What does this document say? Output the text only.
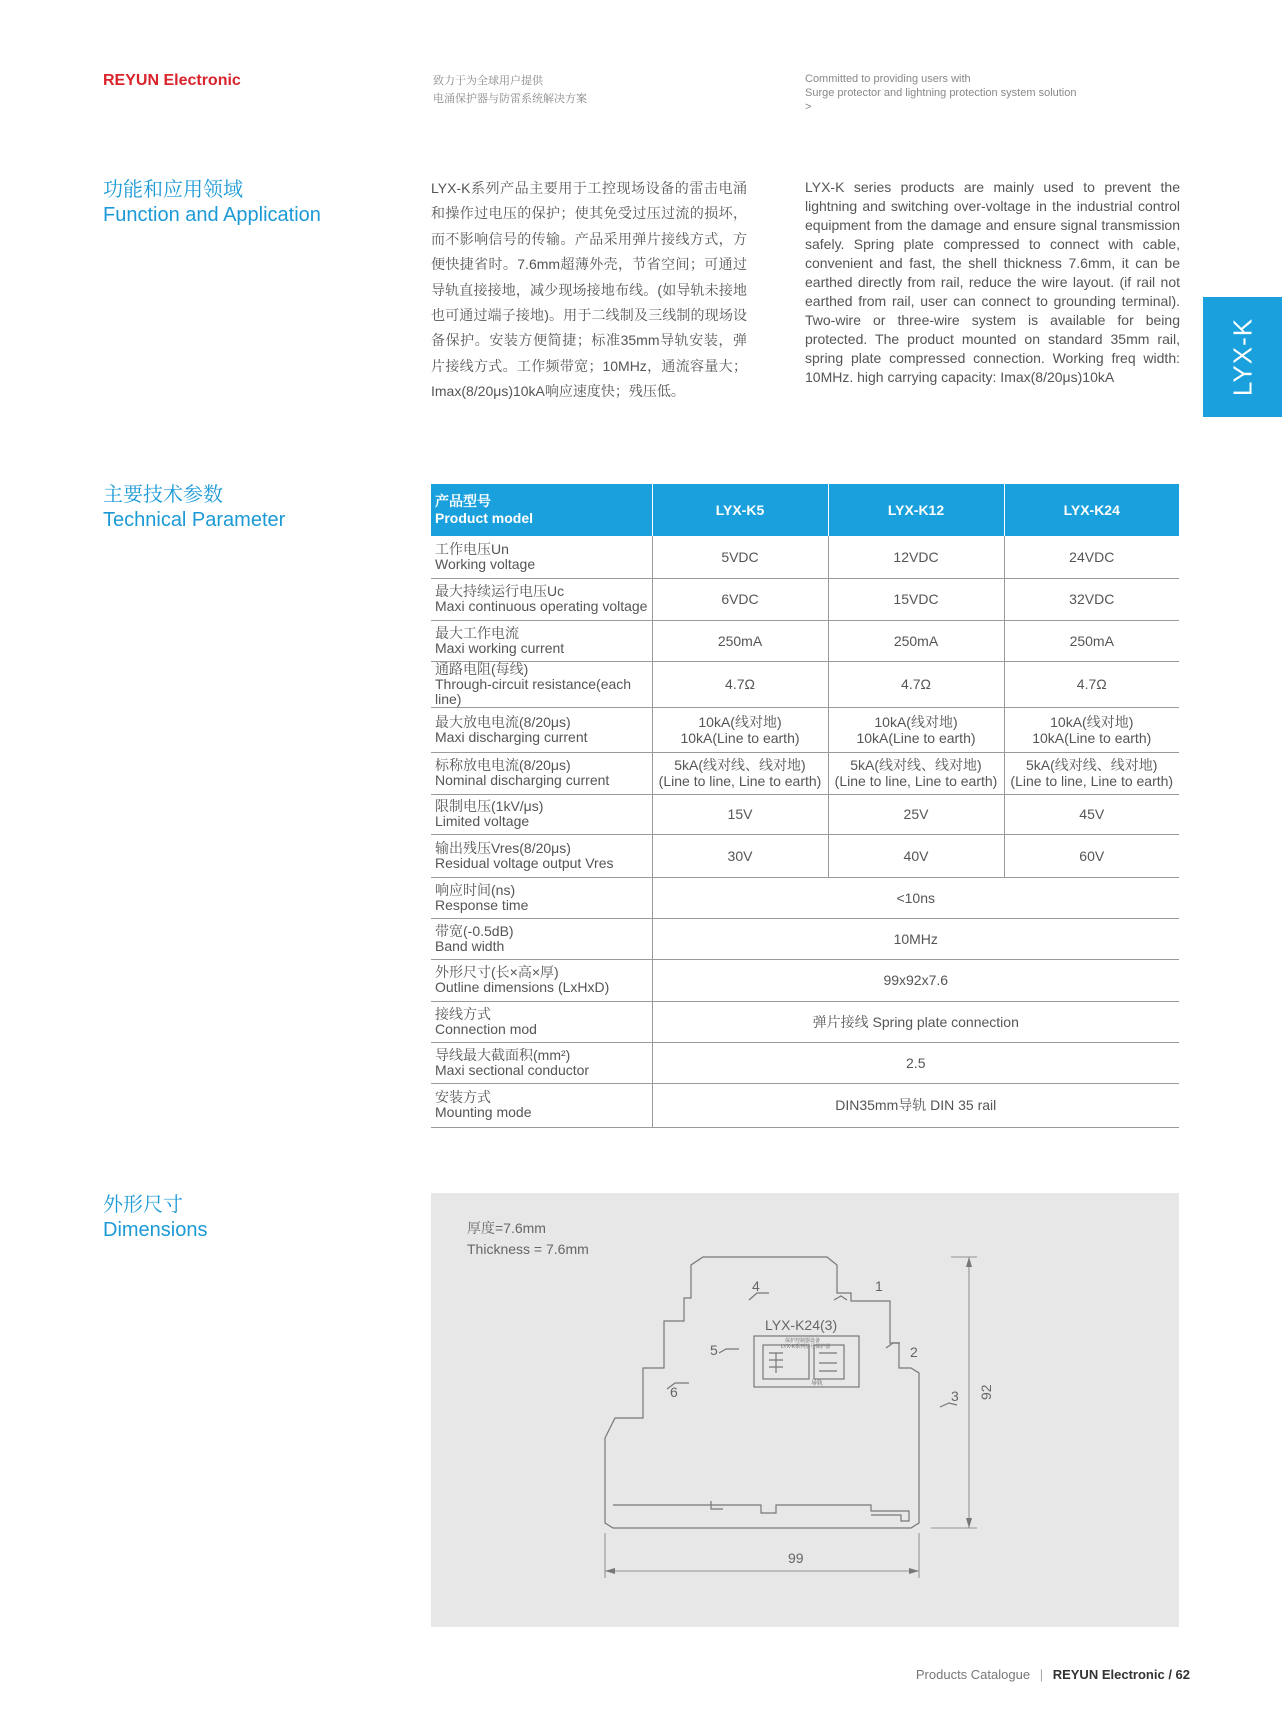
REYUN Electronic	致力于为全球用户提供
电涌保护器与防雷系统解决方案
Committed to providing users with
Surge protector and lightning protection system solution
>
LYX-K
功能和应用领域
Function and Application
LYX-K系列产品主要用于工控现场设备的雷击电涌和操作过电压的保护；使其免受过压过流的损坏，而不影响信号的传输。产品采用弹片接线方式，方便快捷省时。7.6mm超薄外壳，节省空间；可通过导轨直接接地，减少现场接地布线。(如导轨未接地也可通过端子接地)。用于二线制及三线制的现场设备保护。安装方便简捷；标准35mm导轨安装，弹片接线方式。工作频带宽；10MHz，通流容量大；Imax(8/20μs)10kA响应速度快；残压低。
LYX-K series products are mainly used to prevent the lightning and switching over-voltage in the industrial control equipment from the damage and ensure signal transmission safely. Spring plate compressed to connect with cable, convenient and fast, the shell thickness 7.6mm, it can be earthed directly from rail, reduce the wire layout. (if rail not earthed from rail, user can connect to grounding terminal). Two-wire or three-wire system is available for being protected. The product mounted on standard 35mm rail, spring plate compressed connection. Working freq width: 10MHz. high carrying capacity: Imax(8/20μs)10kA
主要技术参数
Technical Parameter
产品型号
Product model	LYX-K5	LYX-K12	LYX-K24

工作电压Un
Working voltage	5VDC	12VDC	24VDC

最大持续运行电压Uc
Maxi continuous operating voltage	6VDC	15VDC	32VDC

最大工作电流
Maxi working current	250mA	250mA	250mA

通路电阻(每线)
Through-circuit resistance(each line)	4.7Ω	4.7Ω	4.7Ω

最大放电电流(8/20μs)
Maxi discharging current	10kA(线对地)
10kA(Line to earth)	10kA(线对地)
10kA(Line to earth)	10kA(线对地)
10kA(Line to earth)

标称放电电流(8/20μs)
Nominal discharging current	5kA(线对线、线对地)
(Line to line, Line to earth)	5kA(线对线、线对地)
(Line to line, Line to earth)	5kA(线对线、线对地)
(Line to line, Line to earth)

限制电压(1kV/μs)
Limited voltage	15V	25V	45V

输出残压Vres(8/20μs)
Residual voltage output Vres	30V	40V	60V

响应时间(ns)
Response time	<10ns		

带宽(-0.5dB)
Band width	10MHz		

外形尺寸(长×高×厚)
Outline dimensions (LxHxD)	99x92x7.6		

接线方式
Connection mod	弹片接线 Spring plate connection		

导线最大截面积(mm²)
Maxi sectional conductor	2.5		

安装方式
Mounting mode	DIN35mm导轨 DIN 35 rail		
外形尺寸
Dimensions	厚度=7.6mm
Thickness = 7.6mm
LYX-K24(3)
保护控制器设备
LYX-K系列信号保护器
导轨
1
2
3
4
5
6
99
92
Products Catalogue | REYUN Electronic / 62
